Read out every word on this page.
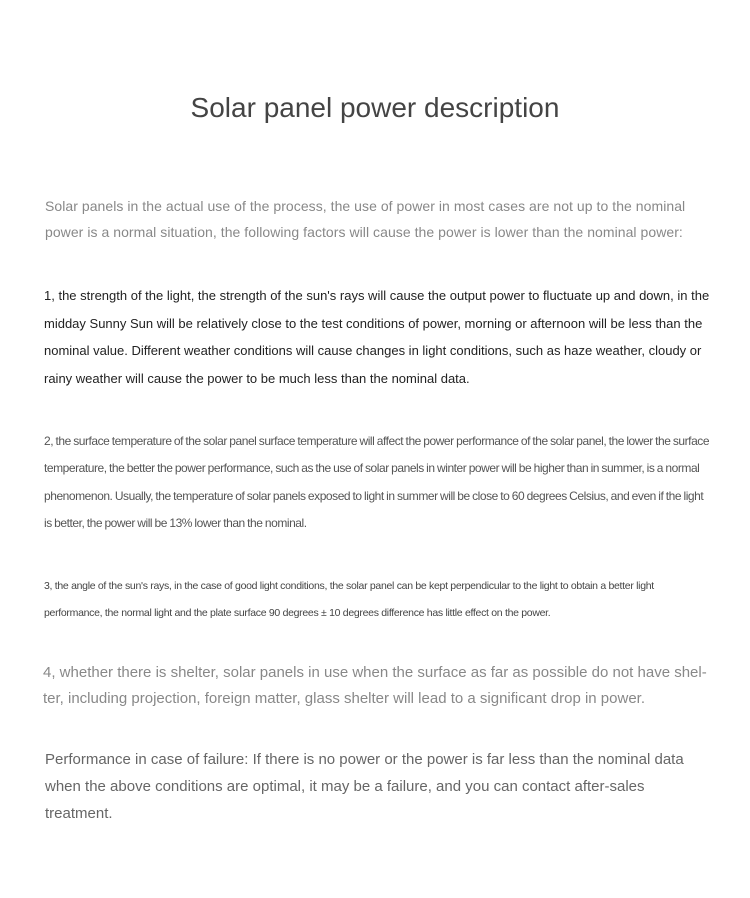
Solar panel power description

Solar panels in the actual use of the process, the use of power in most cases are not up to the nominal power is a normal situation, the following factors will cause the power is lower than the nominal power:

1, the strength of the light, the strength of the sun's rays will cause the output power to fluctuate up and down, in the midday Sunny Sun will be relatively close to the test conditions of power, morning or afternoon will be less than the nominal value. Different weather conditions will cause changes in light conditions, such as haze weather, cloudy or rainy weather will cause the power to be much less than the nominal data.

2, the surface temperature of the solar panel surface temperature will affect the power performance of the solar panel, the lower the surface temperature, the better the power performance, such as the use of solar panels in winter power will be higher than in summer, is a normal phenomenon. Usually, the temperature of solar panels exposed to light in summer will be close to 60 degrees Celsius, and even if the light is better, the power will be 13% lower than the nominal.

3, the angle of the sun's rays, in the case of good light conditions, the solar panel can be kept perpendicular to the light to obtain a better light performance, the normal light and the plate surface 90 degrees ± 10 degrees difference has little effect on the power.

4, whether there is shelter, solar panels in use when the surface as far as possible do not have shel-ter, including projection, foreign matter, glass shelter will lead to a significant drop in power.

Performance in case of failure: If there is no power or the power is far less than the nominal data when the above conditions are optimal, it may be a failure, and you can contact after-sales treatment.
